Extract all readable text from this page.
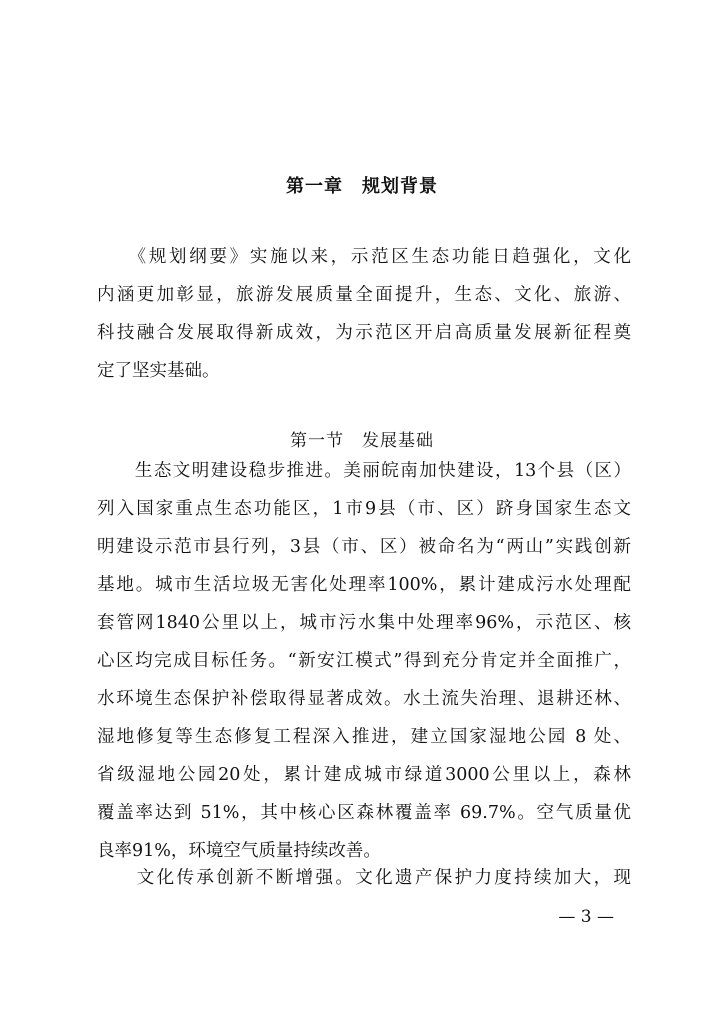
第一章　规划背景
　　《规划纲要》实施以来，示范区生态功能日趋强化，文化
内涵更加彰显，旅游发展质量全面提升，生态、文化、旅游、
科技融合发展取得新成效，为示范区开启高质量发展新征程奠
定了坚实基础。
第一节　发展基础
　　生态文明建设稳步推进。美丽皖南加快建设，13个县（区）
列入国家重点生态功能区，1市9县（市、区）跻身国家生态文
明建设示范市县行列，3县（市、区）被命名为“两山”实践创新
基地。城市生活垃圾无害化处理率100%，累计建成污水处理配
套管网1840公里以上，城市污水集中处理率96%，示范区、核
心区均完成目标任务。“新安江模式”得到充分肯定并全面推广，
水环境生态保护补偿取得显著成效。水土流失治理、退耕还林、
湿地修复等生态修复工程深入推进，建立国家湿地公园 8 处、
省级湿地公园20处，累计建成城市绿道3000公里以上，森林
覆盖率达到 51%，其中核心区森林覆盖率 69.7%。空气质量优
良率91%，环境空气质量持续改善。
　　文化传承创新不断增强。文化遗产保护力度持续加大，现
— 3 —
